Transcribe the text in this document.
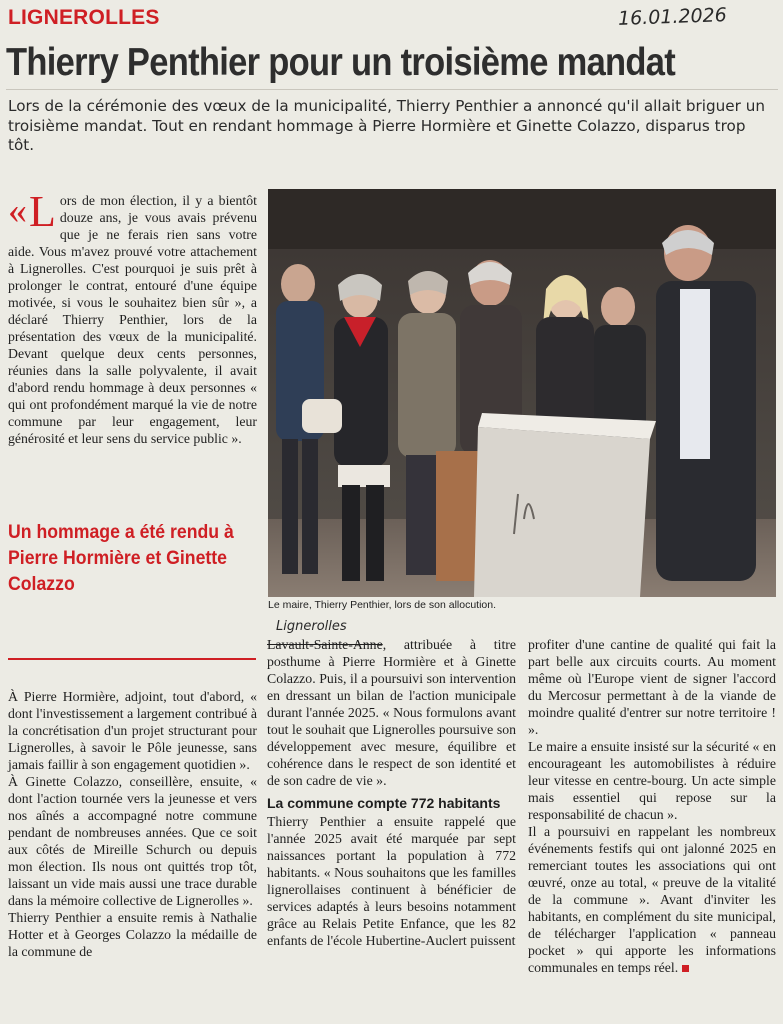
LIGNEROLLES	16.01.2026
Thierry Penthier pour un troisième mandat
Lors de la cérémonie des vœux de la municipalité, Thierry Penthier a annoncé qu'il allait briguer un troisième mandat. Tout en rendant hommage à Pierre Hormière et Ginette Colazzo, disparus trop tôt.

« L ors de mon élection, il y a bientôt douze ans, je vous avais prévenu que je ne ferais rien sans votre aide. Vous m'avez prouvé votre attachement à Lignerolles. C'est pourquoi je suis prêt à prolonger le contrat, entouré d'une équipe motivée, si vous le souhaitez bien sûr », a déclaré Thierry Penthier, lors de la présentation des vœux de la municipalité. Devant quelque deux cents personnes, réunies dans la salle polyvalente, il avait d'abord rendu hommage à deux personnes « qui ont profondément marqué la vie de notre commune par leur engagement, leur générosité et leur sens du service public ».

Un hommage a été rendu à Pierre Hormière et Ginette Colazzo

À Pierre Hormière, adjoint, tout d'abord, « dont l'investissement a largement contribué à la concrétisation d'un projet structurant pour Lignerolles, à savoir le Pôle jeunesse, sans jamais faillir à son engagement quotidien ».

À Ginette Colazzo, conseillère, ensuite, « dont l'action tournée vers la jeunesse et vers nos aînés a accompagné notre commune pendant de nombreuses années. Que ce soit aux côtés de Mireille Schurch ou depuis mon élection. Ils nous ont quittés trop tôt, laissant un vide mais aussi une trace durable dans la mémoire collective de Lignerolles ».

Thierry Penthier a ensuite remis à Nathalie Hotter et à Georges Colazzo la médaille de la commune de

Le maire, Thierry Penthier, lors de son allocution.
Lignerolles

Lavault-Sainte-Anne, attribuée à titre posthume à Pierre Hormière et à Ginette Colazzo. Puis, il a poursuivi son intervention en dressant un bilan de l'action municipale durant l'année 2025. « Nous formulons avant tout le souhait que Lignerolles poursuive son développement avec mesure, équilibre et cohérence dans le respect de son identité et de son cadre de vie ».

La commune compte 772 habitants

Thierry Penthier a ensuite rappelé que l'année 2025 avait été marquée par sept naissances portant la population à 772 habitants. « Nous souhaitons que les familles lignerollaises continuent à bénéficier de services adaptés à leurs besoins notamment grâce au Relais Petite Enfance, que les 82 enfants de l'école Hubertine-Auclert puissent

profiter d'une cantine de qualité qui fait la part belle aux circuits courts. Au moment même où l'Europe vient de signer l'accord du Mercosur permettant à de la viande de moindre qualité d'entrer sur notre territoire ! ».

Le maire a ensuite insisté sur la sécurité « en encourageant les automobilistes à réduire leur vitesse en centre-bourg. Un acte simple mais essentiel qui repose sur la responsabilité de chacun ».

Il a poursuivi en rappelant les nombreux événements festifs qui ont jalonné 2025 en remerciant toutes les associations qui ont œuvré, onze au total, « preuve de la vitalité de la commune ». Avant d'inviter les habitants, en complément du site municipal, de télécharger l'application « panneau pocket » qui apporte les informations communales en temps réel.
